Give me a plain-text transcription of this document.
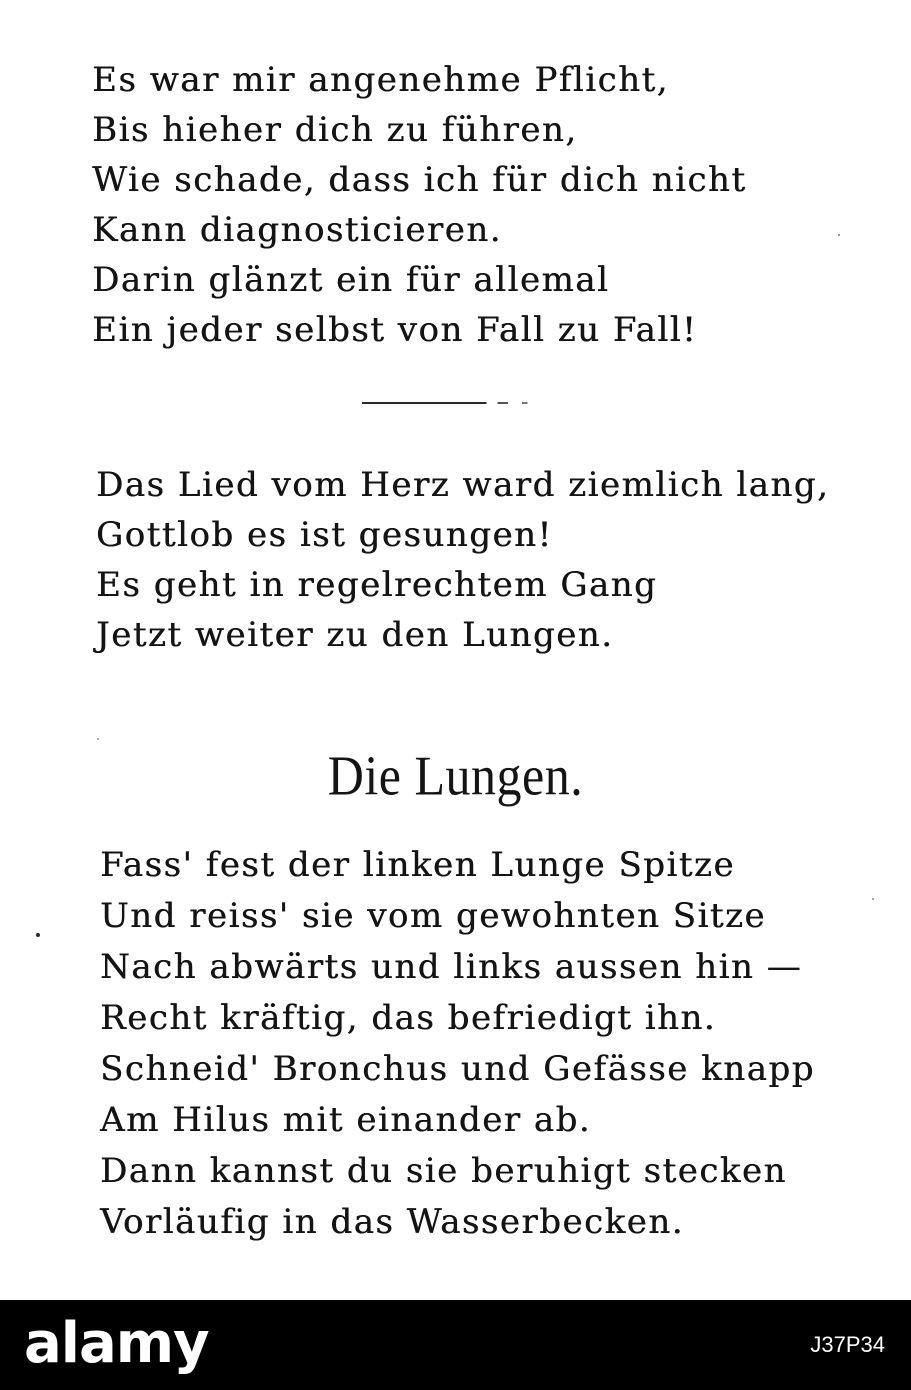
Es war mir angenehme Pflicht,
Bis hieher dich zu führen,
Wie schade, dass ich für dich nicht
Kann diagnosticieren.
Darin glänzt ein für allemal
Ein jeder selbst von Fall zu Fall!
Das Lied vom Herz ward ziemlich lang,
Gottlob es ist gesungen!
Es geht in regelrechtem Gang
Jetzt weiter zu den Lungen.
Die Lungen.
Fass' fest der linken Lunge Spitze
Und reiss' sie vom gewohnten Sitze
Nach abwärts und links aussen hin —
Recht kräftig, das befriedigt ihn.
Schneid' Bronchus und Gefässe knapp
Am Hilus mit einander ab.
Dann kannst du sie beruhigt stecken
Vorläufig in das Wasserbecken.
alamy	J37P34
